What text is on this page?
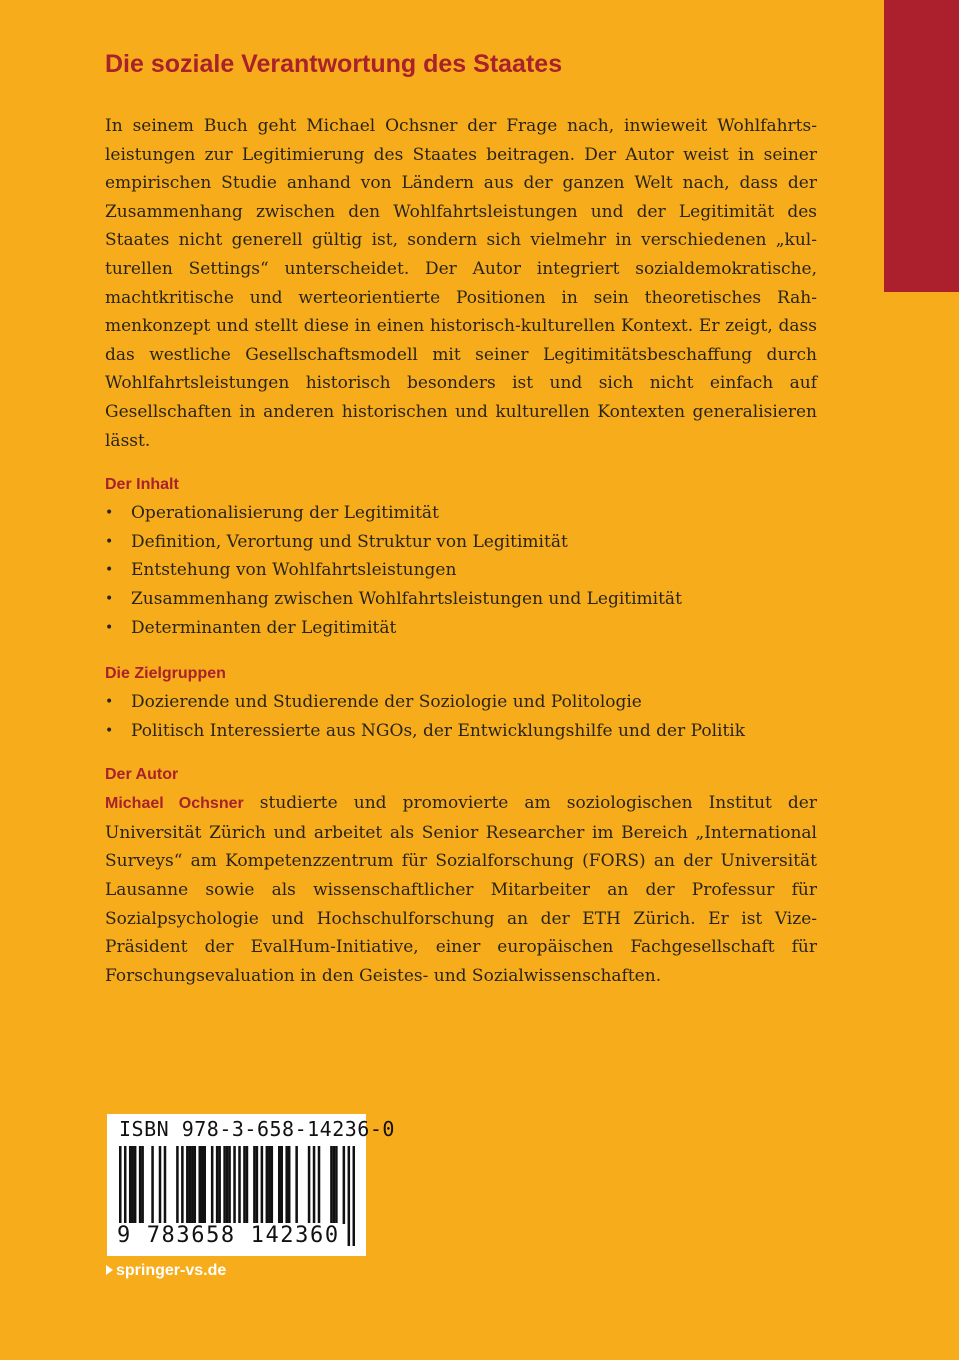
Die soziale Verantwortung des Staates

In seinem Buch geht Michael Ochsner der Frage nach, inwieweit Wohlfahrtsleistungen zur Legitimierung des Staates beitragen. Der Autor weist in seiner empirischen Studie anhand von Ländern aus der ganzen Welt nach, dass der Zusammenhang zwischen den Wohlfahrtsleistungen und der Legitimität des Staates nicht generell gültig ist, sondern sich vielmehr in verschiedenen „kulturellen Settings“ unterscheidet. Der Autor integriert sozialdemokratische, machtkritische und werteorientierte Positionen in sein theoretisches Rahmenkonzept und stellt diese in einen historisch-kulturellen Kontext. Er zeigt, dass das westliche Gesellschaftsmodell mit seiner Legitimitätsbeschaffung durch Wohlfahrtsleistungen historisch besonders ist und sich nicht einfach auf Gesellschaften in anderen historischen und kulturellen Kontexten generalisieren lässt.

Der Inhalt
•	Operationalisierung der Legitimität
•	Definition, Verortung und Struktur von Legitimität
•	Entstehung von Wohlfahrtsleistungen
•	Zusammenhang zwischen Wohlfahrtsleistungen und Legitimität
•	Determinanten der Legitimität
Die Zielgruppen
•	Dozierende und Studierende der Soziologie und Politologie
•	Politisch Interessierte aus NGOs, der Entwicklungshilfe und der Politik
Der Autor

Michael Ochsner studierte und promovierte am soziologischen Institut der Universität Zürich und arbeitet als Senior Researcher im Bereich „International Surveys“ am Kompetenzzentrum für Sozialforschung (FORS) an der Universität Lausanne sowie als wissenschaftlicher Mitarbeiter an der Professur für Sozialpsychologie und Hochschulforschung an der ETH Zürich. Er ist Vize-Präsident der EvalHum-Initiative, einer europäischen Fachgesellschaft für Forschungsevaluation in den Geistes- und Sozialwissenschaften.

ISBN 978-3-658-14236-0
9 783658 142360
springer-vs.de
